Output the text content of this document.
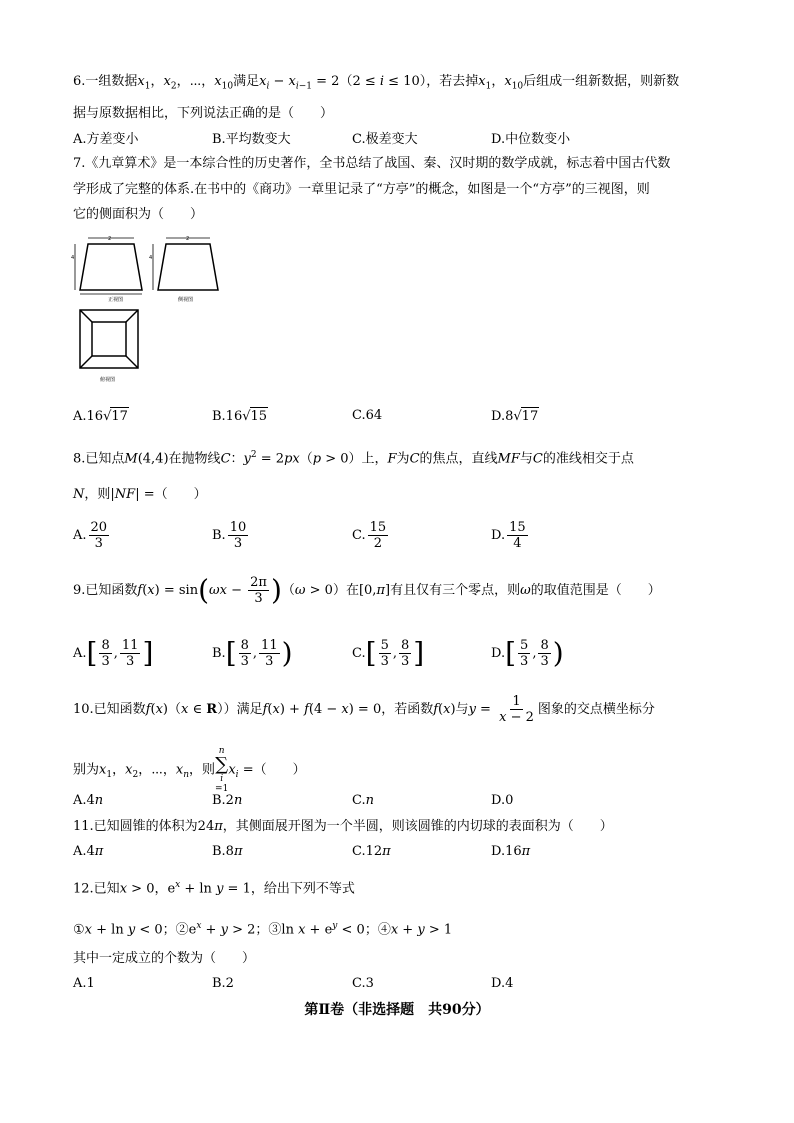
6.一组数据$x_1$，$x_2$，⋯，$x_{10}$满足$x_i - x_{i-1} = 2(2 \le i \le 10)$，若去掉$x_1$，$x_{10}$后组成一组新数据，则新数
据与原数据相比，下列说法正确的是（　　）
A.方差变小	B.平均数变大	C.极差变大	D.中位数变小
7.《九章算术》是一本综合性的历史著作，全书总结了战国、秦、汉时期的数学成就，标志着中国古代数
学形成了完整的体系.在书中的《商功》一章里记录了“方亭”的概念，如图是一个“方亭”的三视图，则
它的侧面积为（　　）
2
4
正视图
2
4
侧视图
俯视图
A.16√17	B.16√15	C.64	D.8√17
8.已知点M(4,4)在抛物线C：$y^2 = 2px(p > 0)$上，F为C的焦点，直线MF与C的准线相交于点
N，则|NF| =（　　）
A. $\frac{20}{3}$	B. $\frac{10}{3}$	C. $\frac{15}{2}$	D. $\frac{15}{4}$
9.已知函数$f(x) = \sin(\omega x - \frac{2\pi}{3} )(\omega > 0)$在[0,π]有且仅有三个零点，则ω的取值范围是（　　）
$A.[ \frac{8}{3}$ , $\frac{11}{3}$ ]	$B.[ \frac{8}{3}$ , $\frac{11}{3}$ )	$C.[ \frac{5}{3}$ , $\frac{8}{3}$ ]	$D.[ \frac{5}{3}$ , $\frac{8}{3}$ )
10.已知函数f(x)（x ∈ R））满足f(x) + f(4 − x) = 0，若函数f(x)与$y = \frac{1}{x - 2}$ 图象的交点横坐标分
别为$x_1$，$x_2$，⋯，$x_n$，则
n
∑
i
$=1x_i$ =（　　）
A.4n	B.2n	C.n	D.0
11.已知圆锥的体积为24π，其侧面展开图为一个半圆，则该圆锥的内切球的表面积为（　　）
A.4π	B.8π	C.12π	D.16π
12.已知x > 0，$e^x + \ln y = 1$，给出下列不等式
①x + ln y < 0；$②e^x + y > 2$；③ln $x + e^y < 0$；④x + y > 1
其中一定成立的个数为（　　）
A.1	B.2	C.3	D.4
第Ⅱ卷（非选择题　共90分）
